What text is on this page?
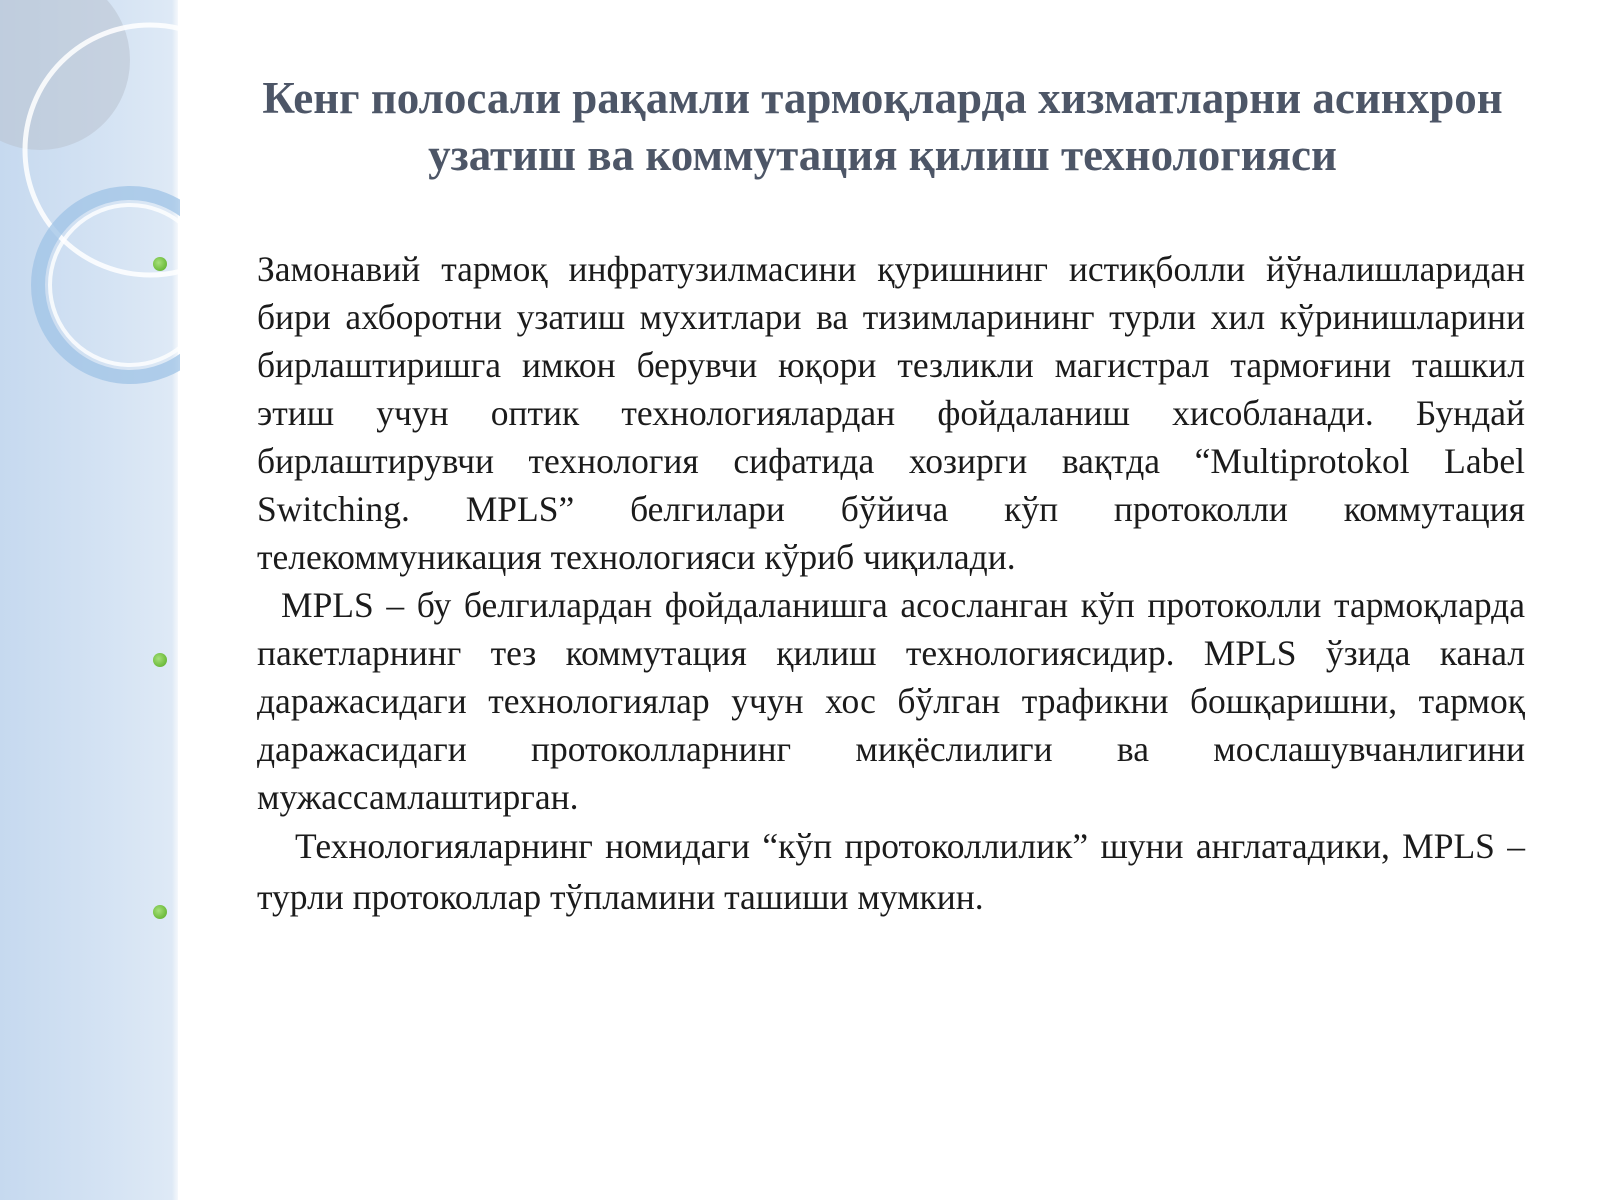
Кенг полосали рақамли тармоқларда хизматларни асинхрон узатиш ва коммутация қилиш технологияси

Замонавий тармоқ инфратузилмасини қуришнинг истиқболли йўналишларидан бири ахборотни узатиш мухитлари ва тизимларининг турли хил кўринишларини бирлаштиришга имкон берувчи юқори тезликли магистрал тармоғини ташкил этиш учун оптик технологиялардан фойдаланиш хисобланади. Бундай бирлаштирувчи технология сифатида хозирги вақтда “Multiprotokol Label Switching. MPLS” белгилари бўйича кўп протоколли коммутация телекоммуникация технологияси кўриб чиқилади.

MPLS – бу белгилардан фойдаланишга асосланган кўп протоколли тармоқларда пакетларнинг тез коммутация қилиш технологиясидир. MPLS ўзида канал даражасидаги технологиялар учун хос бўлган трафикни бошқаришни, тармоқ даражасидаги протоколларнинг миқёслилиги ва мослашувчанлигини мужассамлаштирган.

Технологияларнинг номидаги “кўп протоколлилик” шуни англатадики, MPLS –турли протоколлар тўпламини ташиши мумкин.
